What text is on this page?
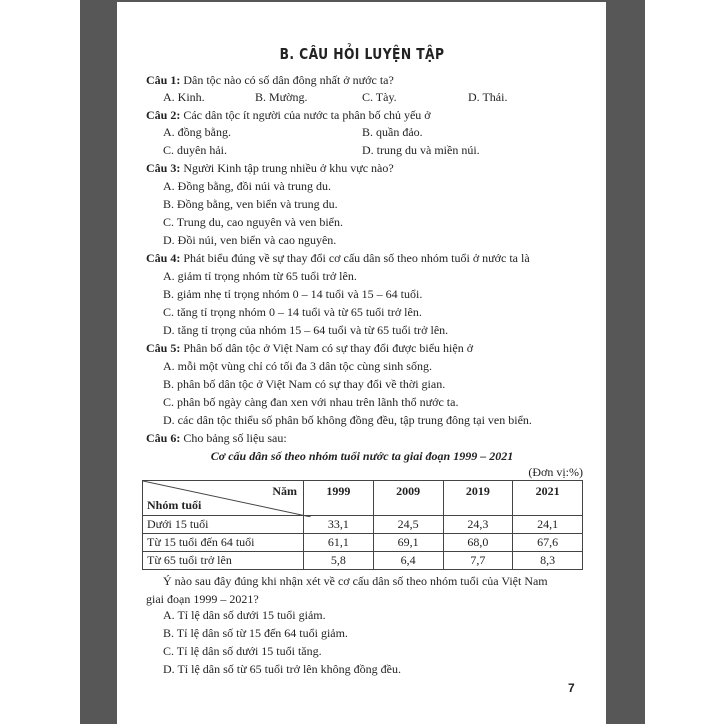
B. CÂU HỎI LUYỆN TẬP
Câu 1: Dân tộc nào có số dân đông nhất ở nước ta?
A. Kinh.	B. Mường.	C. Tày.	D. Thái.
Câu 2: Các dân tộc ít người của nước ta phân bố chủ yếu ở
A. đồng bằng.	B. quần đảo.
C. duyên hải.	D. trung du và miền núi.
Câu 3: Người Kinh tập trung nhiều ở khu vực nào?
A. Đồng bằng, đồi núi và trung du.
B. Đồng bằng, ven biển và trung du.
C. Trung du, cao nguyên và ven biển.
D. Đồi núi, ven biển và cao nguyên.
Câu 4: Phát biểu đúng về sự thay đổi cơ cấu dân số theo nhóm tuổi ở nước ta là
A. giảm tỉ trọng nhóm từ 65 tuổi trở lên.
B. giảm nhẹ tỉ trọng nhóm 0 – 14 tuổi và 15 – 64 tuổi.
C. tăng tỉ trọng nhóm 0 – 14 tuổi và từ 65 tuổi trở lên.
D. tăng tỉ trọng của nhóm 15 – 64 tuổi và từ 65 tuổi trở lên.
Câu 5: Phân bố dân tộc ở Việt Nam có sự thay đổi được biểu hiện ở
A. mỗi một vùng chỉ có tối đa 3 dân tộc cùng sinh sống.
B. phân bố dân tộc ở Việt Nam có sự thay đổi về thời gian.
C. phân bố ngày càng đan xen với nhau trên lãnh thổ nước ta.
D. các dân tộc thiểu số phân bố không đồng đều, tập trung đông tại ven biển.
Câu 6: Cho bảng số liệu sau:
Cơ cấu dân số theo nhóm tuổi nước ta giai đoạn 1999 – 2021
(Đơn vị:%)
Năm
Nhóm tuổi	1999	2009	2019	2021
Dưới 15 tuổi	33,1	24,5	24,3	24,1
Từ 15 tuổi đến 64 tuổi	61,1	69,1	68,0	67,6
Từ 65 tuổi trở lên	5,8	6,4	7,7	8,3
Ý nào sau đây đúng khi nhận xét về cơ cấu dân số theo nhóm tuổi của Việt Nam
giai đoạn 1999 – 2021?
A. Tỉ lệ dân số dưới 15 tuổi giảm.
B. Tỉ lệ dân số từ 15 đến 64 tuổi giảm.
C. Tỉ lệ dân số dưới 15 tuổi tăng.
D. Tỉ lệ dân số từ 65 tuổi trở lên không đồng đều.
7
